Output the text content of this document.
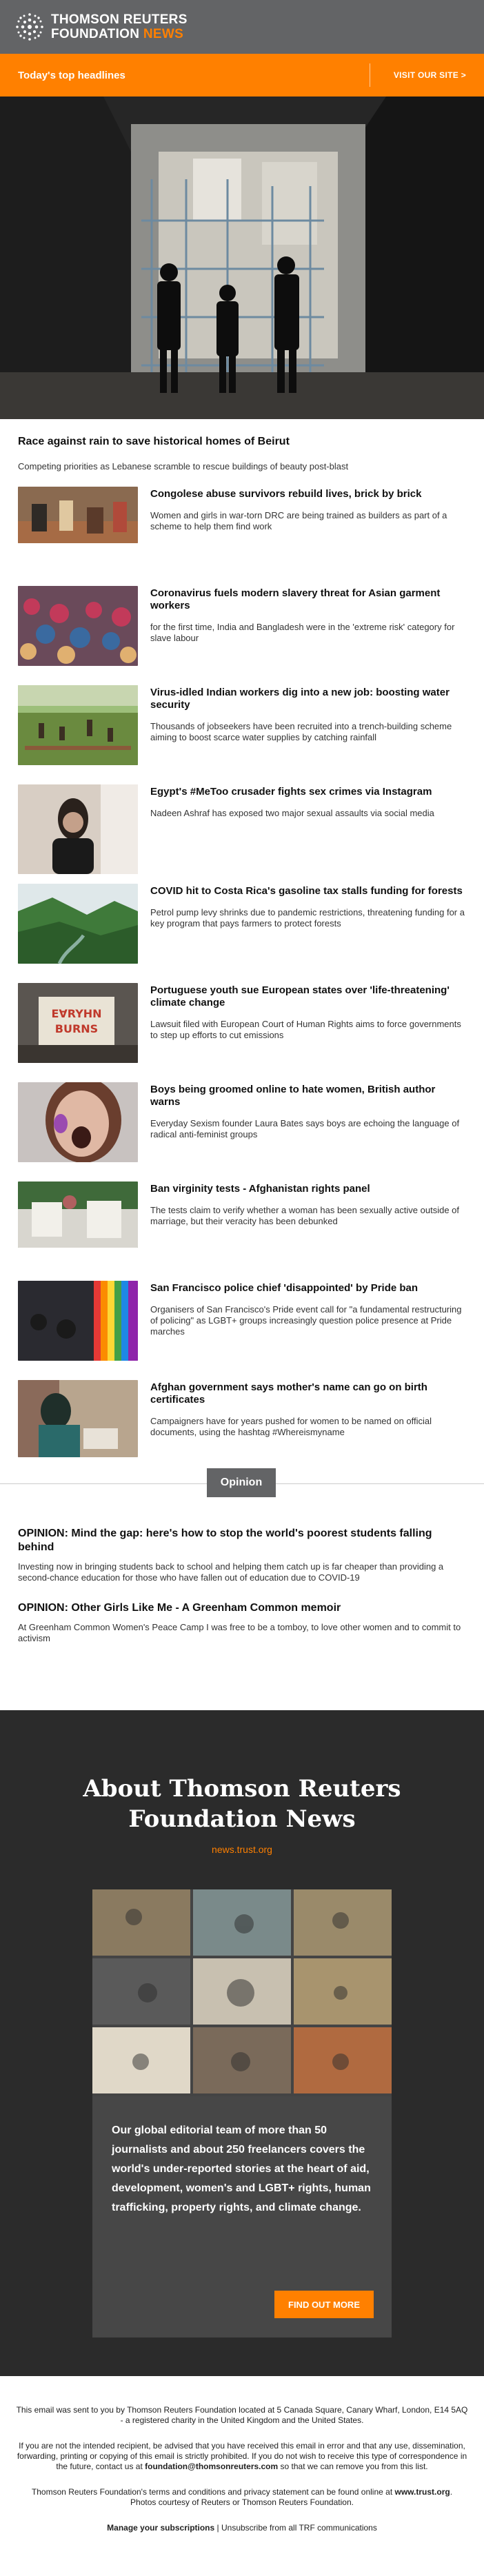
THOMSON REUTERS
FOUNDATION NEWS
Today's top headlines	VISIT OUR SITE >
Race against rain to save historical homes of Beirut
Competing priorities as Lebanese scramble to rescue buildings of beauty post-blast
Congolese abuse survivors rebuild lives, brick by brick
Women and girls in war-torn DRC are being trained as builders as part of a scheme to help them find work
Coronavirus fuels modern slavery threat for Asian garment workers
for the first time, India and Bangladesh were in the 'extreme risk' category for slave labour
Virus-idled Indian workers dig into a new job: boosting water security
Thousands of jobseekers have been recruited into a trench-building scheme aiming to boost scarce water supplies by catching rainfall
Egypt's #MeToo crusader fights sex crimes via Instagram
Nadeen Ashraf has exposed two major sexual assaults via social media
COVID hit to Costa Rica's gasoline tax stalls funding for forests
Petrol pump levy shrinks due to pandemic restrictions, threatening funding for a key program that pays farmers to protect forests
E∀RYHN
BURNS
Portuguese youth sue European states over 'life-threatening' climate change
Lawsuit filed with European Court of Human Rights aims to force governments to step up efforts to cut emissions
Boys being groomed online to hate women, British author warns
Everyday Sexism founder Laura Bates says boys are echoing the language of radical anti-feminist groups
Ban virginity tests - Afghanistan rights panel
The tests claim to verify whether a woman has been sexually active outside of marriage, but their veracity has been debunked
San Francisco police chief 'disappointed' by Pride ban
Organisers of San Francisco's Pride event call for "a fundamental restructuring of policing" as LGBT+ groups increasingly question police presence at Pride marches
Afghan government says mother's name can go on birth certificates
Campaigners have for years pushed for women to be named on official documents, using the hashtag #Whereismyname
Opinion
OPINION: Mind the gap: here's how to stop the world's poorest students falling behind
Investing now in bringing students back to school and helping them catch up is far cheaper than providing a second-chance education for those who have fallen out of education due to COVID-19
OPINION: Other Girls Like Me - A Greenham Common memoir
At Greenham Common Women's Peace Camp I was free to be a tomboy, to love other women and to commit to activism
About Thomson Reuters
Foundation News
news.trust.org
Our global editorial team of more than 50 journalists and about 250 freelancers covers the world's under-reported stories at the heart of aid, development, women's and LGBT+ rights, human trafficking, property rights, and climate change.
FIND OUT MORE

This email was sent to you by Thomson Reuters Foundation located at 5 Canada Square, Canary Wharf, London, E14 5AQ - a registered charity in the United Kingdom and the United States.

If you are not the intended recipient, be advised that you have received this email in error and that any use, dissemination, forwarding, printing or copying of this email is strictly prohibited. If you do not wish to receive this type of correspondence in the future, contact us at foundation@thomsonreuters.com so that we can remove you from this list.

Thomson Reuters Foundation's terms and conditions and privacy statement can be found online at www.trust.org.
Photos courtesy of Reuters or Thomson Reuters Foundation.

Manage your subscriptions | Unsubscribe from all TRF communications
